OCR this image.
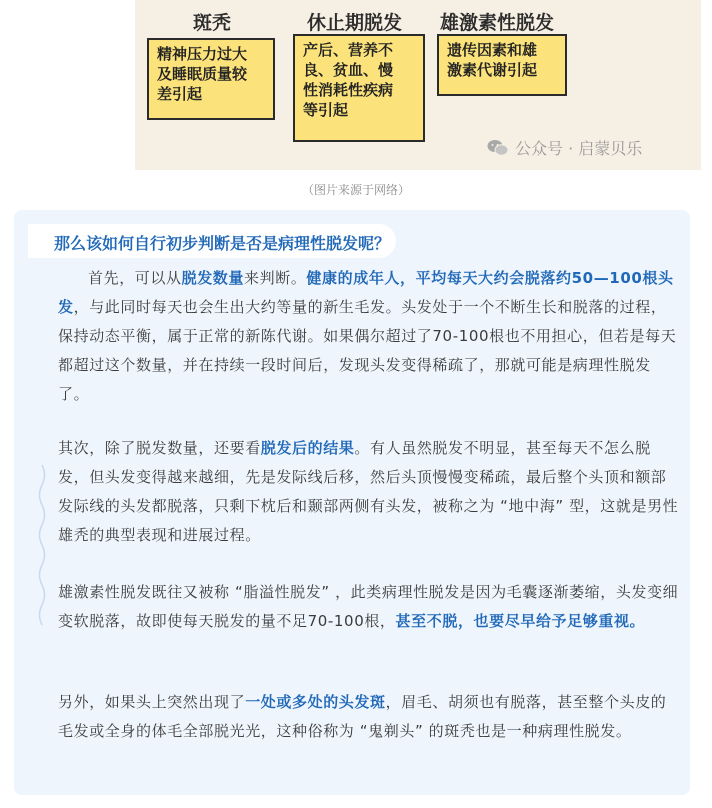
斑秃	休止期脱发 雄激素性脱发
精神压力过大
及睡眠质量较
差引起
产后、营养不
良、贫血、慢
性消耗性疾病
等引起
遗传因素和雄
激素代谢引起
公众号 · 启蒙贝乐
（图片来源于网络）
那么该如何自行初步判断是否是病理性脱发呢？

首先，可以从脱发数量来判断。健康的成年人，平均每天大约会脱落约50—100根头发，与此同时每天也会生出大约等量的新生毛发。头发处于一个不断生长和脱落的过程，保持动态平衡，属于正常的新陈代谢。如果偶尔超过了70-100根也不用担心，但若是每天都超过这个数量，并在持续一段时间后，发现头发变得稀疏了，那就可能是病理性脱发了。

其次，除了脱发数量，还要看脱发后的结果。有人虽然脱发不明显，甚至每天不怎么脱发，但头发变得越来越细，先是发际线后移，然后头顶慢慢变稀疏，最后整个头顶和额部发际线的头发都脱落，只剩下枕后和颞部两侧有头发，被称之为 “地中海” 型，这就是男性雄秃的典型表现和进展过程。

雄激素性脱发既往又被称 “脂溢性脱发” ，此类病理性脱发是因为毛囊逐渐萎缩，头发变细变软脱落，故即使每天脱发的量不足70-100根，甚至不脱，也要尽早给予足够重视。

另外，如果头上突然出现了一处或多处的头发斑，眉毛、胡须也有脱落，甚至整个头皮的毛发或全身的体毛全部脱光光，这种俗称为 “鬼剃头” 的斑秃也是一种病理性脱发。
